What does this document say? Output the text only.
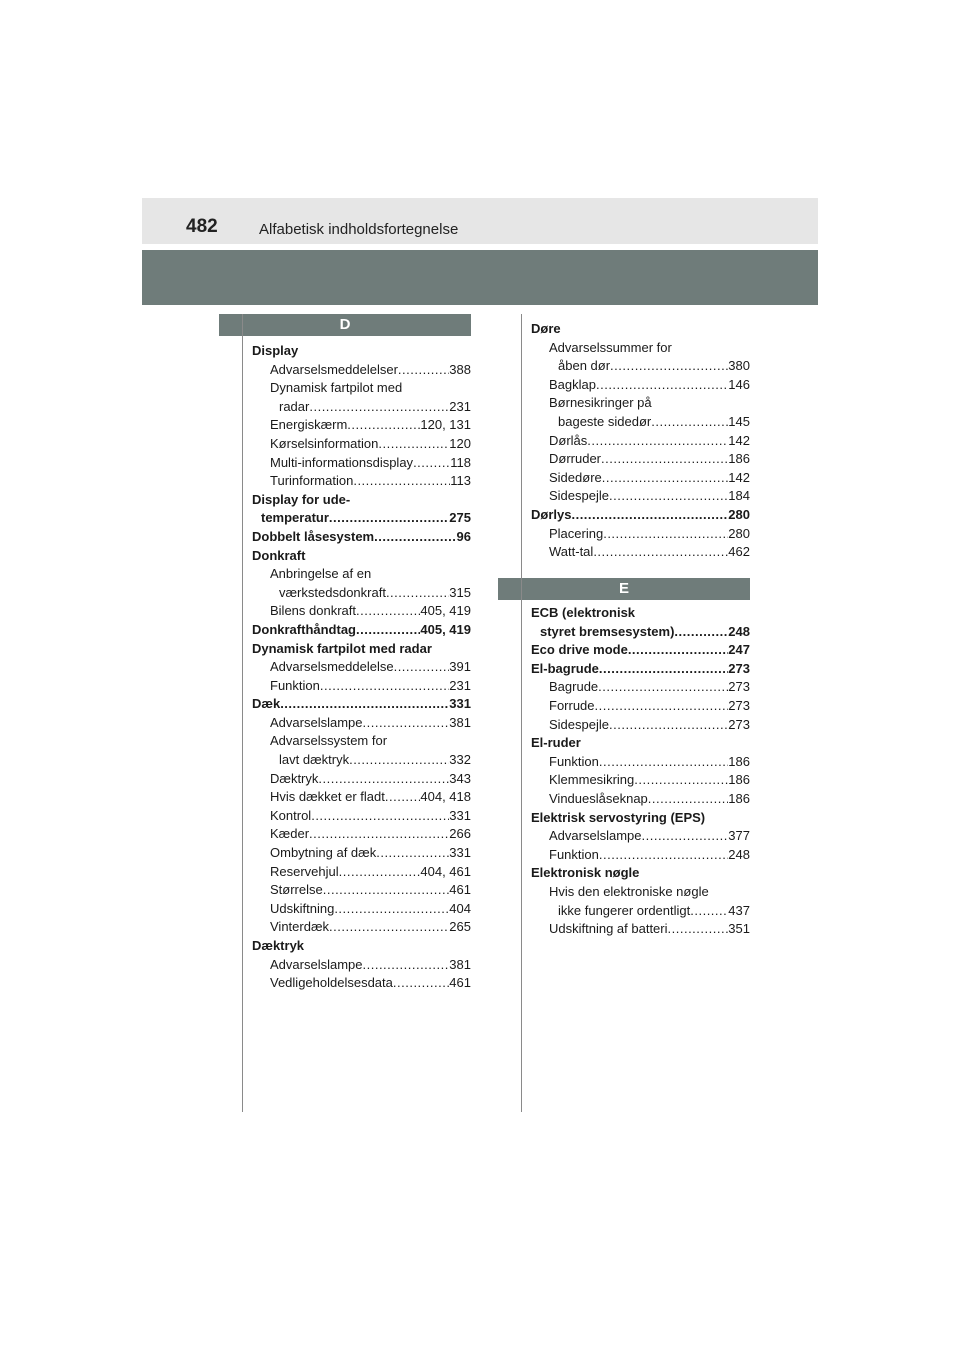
482	Alfabetisk indholdsfortegnelse
D
E
Display
Advarselsmeddelelser .....	388
Dynamisk fartpilot med
radar .....	231
Energiskærm .....	120, 131
Kørselsinformation .....	120
Multi-informationsdisplay .....	118
Turinformation .....	113
Display for ude-
temperatur .....	275
Dobbelt låsesystem .....	96
Donkraft
Anbringelse af en
værkstedsdonkraft .....	315
Bilens donkraft .....	405, 419
Donkrafthåndtag .....	405, 419
Dynamisk fartpilot med radar
Advarselsmeddelelse .....	391
Funktion .....	231
Dæk .....	331
Advarselslampe .....	381
Advarselssystem for
lavt dæktryk .....	332
Dæktryk .....	343
Hvis dækket er fladt .....	404, 418
Kontrol .....	331
Kæder .....	266
Ombytning af dæk .....	331
Reservehjul .....	404, 461
Størrelse .....	461
Udskiftning .....	404
Vinterdæk .....	265
Dæktryk
Advarselslampe .....	381
Vedligeholdelsesdata .....	461
Døre
Advarselssummer for
åben dør .....	380
Bagklap .....	146
Børnesikringer på
bageste sidedør .....	145
Dørlås .....	142
Dørruder .....	186
Sidedøre .....	142
Sidespejle .....	184
Dørlys .....	280
Placering .....	280
Watt-tal .....	462
ECB (elektronisk
styret bremsesystem) .....	248
Eco drive mode .....	247
El-bagrude .....	273
Bagrude .....	273
Forrude .....	273
Sidespejle .....	273
El-ruder
Funktion .....	186
Klemmesikring .....	186
Vindueslåseknap .....	186
Elektrisk servostyring (EPS)
Advarselslampe .....	377
Funktion .....	248
Elektronisk nøgle
Hvis den elektroniske nøgle
ikke fungerer ordentligt .....	437
Udskiftning af batteri .....	351
